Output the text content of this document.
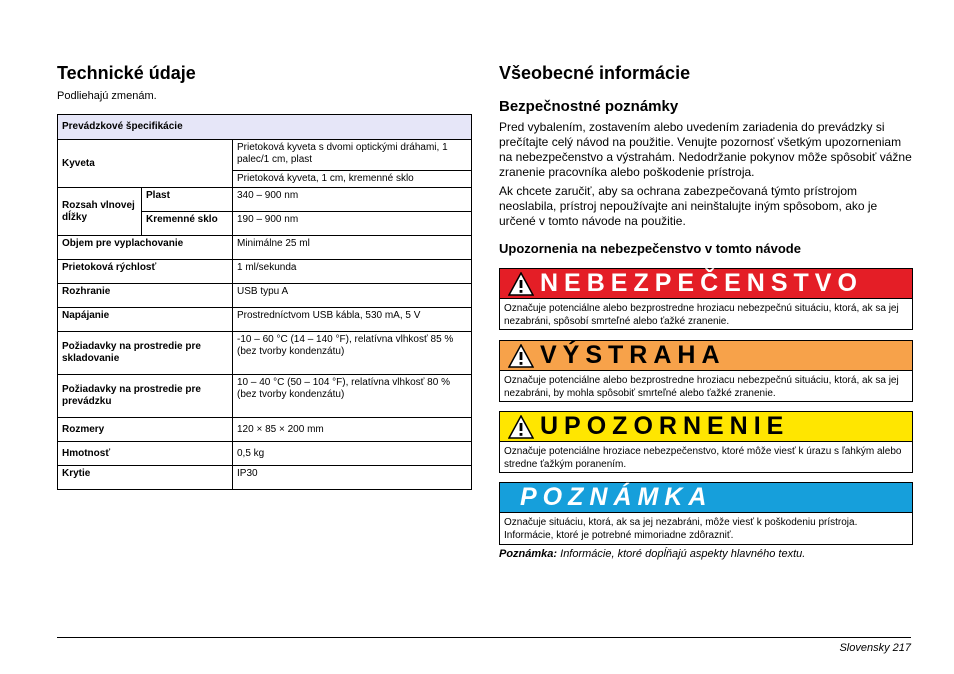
Technické údaje
Podliehajú zmenám.
Prevádzkové špecifikácie		
Kyveta		Prietoková kyveta s dvomi optickými dráhami, 1 palec/1 cm, plast
		Prietoková kyveta, 1 cm, kremenné sklo
Rozsah vlnovej dĺžky	Plast	340 – 900 nm
	Kremenné sklo	190 – 900 nm
Objem pre vyplachovanie		Minimálne 25 ml
Prietoková rýchlosť		1 ml/sekunda
Rozhranie		USB typu A
Napájanie		Prostredníctvom USB kábla, 530 mA, 5 V
Požiadavky na prostredie pre skladovanie		-10 – 60 °C (14 – 140 °F), relatívna vlhkosť 85 % (bez tvorby kondenzátu)
Požiadavky na prostredie pre prevádzku		10 – 40 °C (50 – 104 °F), relatívna vlhkosť 80 % (bez tvorby kondenzátu)
Rozmery		120 × 85 × 200 mm
Hmotnosť		0,5 kg
Krytie		IP30
Všeobecné informácie
Bezpečnostné poznámky
Pred vybalením, zostavením alebo uvedením zariadenia do prevádzky si prečítajte celý návod na použitie. Venujte pozornosť všetkým upozorneniam na nebezpečenstvo a výstrahám. Nedodržanie pokynov môže spôsobiť vážne zranenie pracovníka alebo poškodenie prístroja.
Ak chcete zaručiť, aby sa ochrana zabezpečovaná týmto prístrojom neoslabila, prístroj nepoužívajte ani neinštalujte iným spôsobom, ako je určené v tomto návode na použitie.
Upozornenia na nebezpečenstvo v tomto návode
NEBEZPEČENSTVO
Označuje potenciálne alebo bezprostredne hroziacu nebezpečnú situáciu, ktorá, ak sa jej nezabráni, spôsobí smrteľné alebo ťažké zranenie.
VÝSTRAHA
Označuje potenciálne alebo bezprostredne hroziacu nebezpečnú situáciu, ktorá, ak sa jej nezabráni, by mohla spôsobiť smrteľné alebo ťažké zranenie.
UPOZORNENIE
Označuje potenciálne hroziace nebezpečenstvo, ktoré môže viesť k úrazu s ľahkým alebo stredne ťažkým poranením.
POZNÁMKA
Označuje situáciu, ktorá, ak sa jej nezabráni, môže viesť k poškodeniu prístroja. Informácie, ktoré je potrebné mimoriadne zdôrazniť.
Poznámka: Informácie, ktoré dopĺňajú aspekty hlavného textu.
Slovensky 217
